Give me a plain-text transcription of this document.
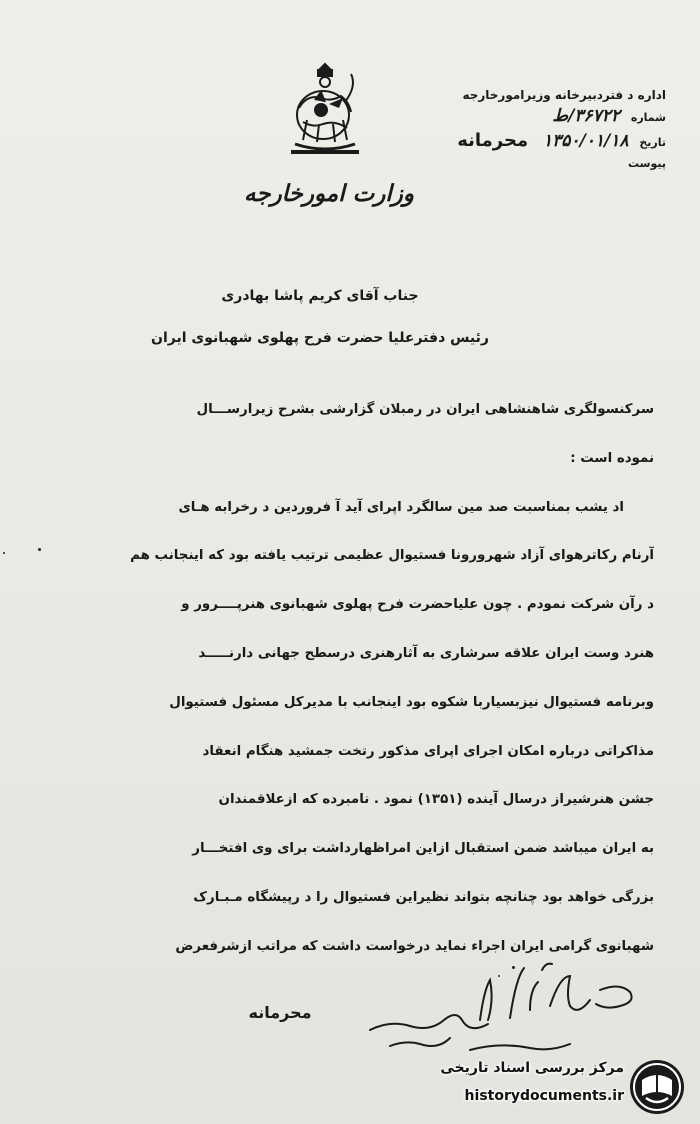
اداره د فتردبیرخانه وزیرامورخارجه
شماره ۳۶۷۲۲/ط
تاریخ ۱۳۵۰/۰۱/۱۸ محرمانه
پیوست
وزارت امورخارجه
جناب آقای کریم پاشا بهادری
رئیس دفترعلیا حضرت فرح پهلوی شهبانوی ایران
سرکنسولگری شاهنشاهی ایران در رمبلان گزارشی بشرح زیرارســـال
نموده است :
اد یشب بمناسبت صد مین سالگرد اپرای آید آ فروردین د رخرابه هـای
آرنام رکاترهوای آزاد شهرورونا فستیوال عظیمی ترتیب یافته بود که اینجانب هم
د رآن شرکت نمودم . چون علیاحضرت فرح پهلوی شهبانوی هنرپــــرور و
هنرد وست ایران علاقه سرشاری به آثارهنری درسطح جهانی دارنـــــد
وبرنامه فستیوال نیزبسیاربا شکوه بود اینجانب با مدیرکل مسئول فستیوال
مذاکراتی درباره امکان اجرای اپرای مذکور رتخت جمشید هنگام انعقاد
جشن هنرشیراز درسال آینده (۱۳۵۱) نمود . نامبرده که ازعلاقمندان
به ایران میباشد ضمن استقبال ازاین امراظهارداشت برای وی افتخـــار
بزرگی خواهد بود چنانچه بتواند نظیراین فستیوال را د رپیشگاه مـبـارک
شهبانوی گرامی ایران اجراء نماید درخواست داشت که مراتب ازشرفعرض
محرمانه
مرکز بررسی اسناد تاریخی
historydocuments.ir
